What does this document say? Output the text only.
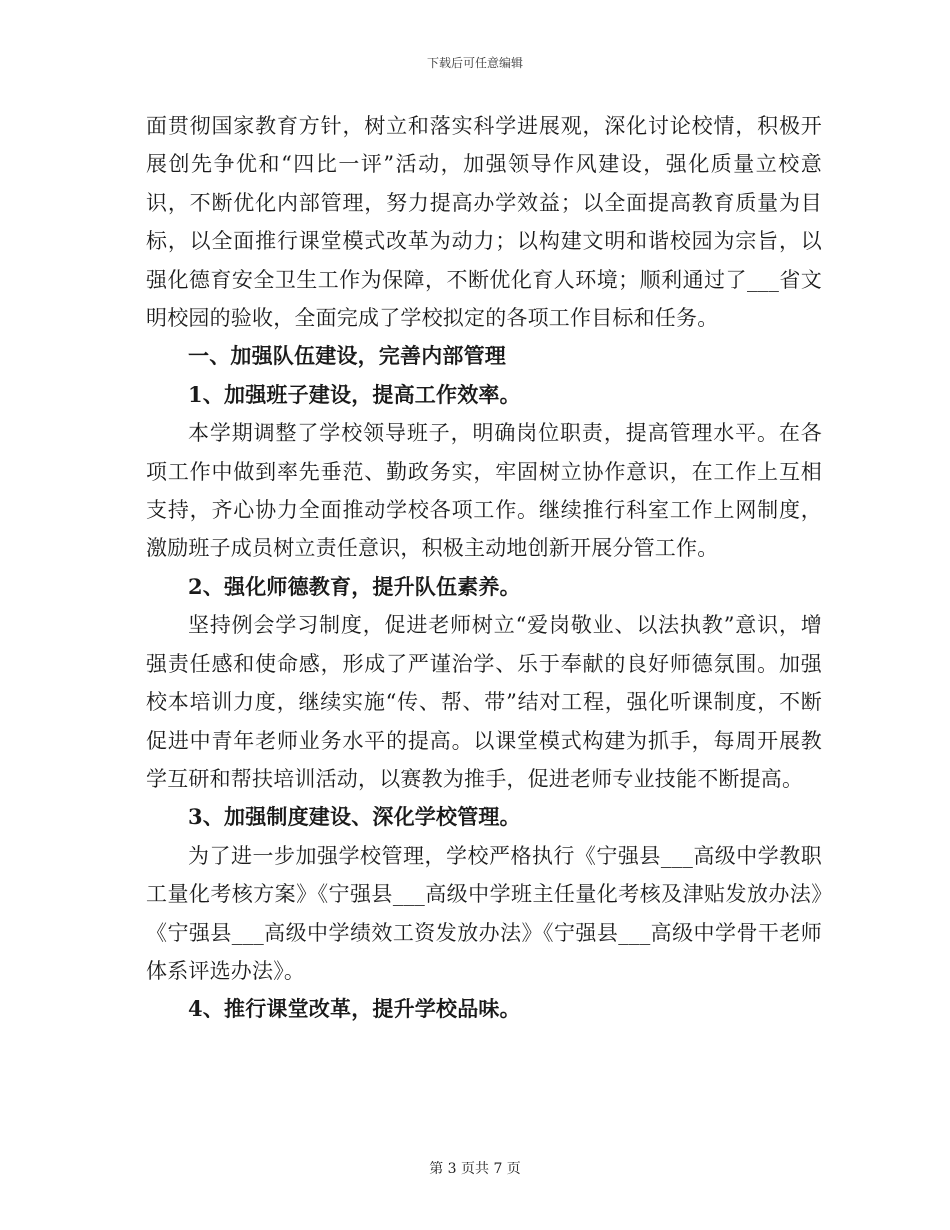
下载后可任意编辑

面贯彻国家教育方针，树立和落实科学进展观，深化讨论校情，积极开展创先争优和“四比一评”活动，加强领导作风建设，强化质量立校意识，不断优化内部管理，努力提高办学效益；以全面提高教育质量为目标，以全面推行课堂模式改革为动力；以构建文明和谐校园为宗旨，以强化德育安全卫生工作为保障，不断优化育人环境；顺利通过了___省文明校园的验收，全面完成了学校拟定的各项工作目标和任务。

一、加强队伍建设，完善内部管理

1、加强班子建设，提高工作效率。

本学期调整了学校领导班子，明确岗位职责，提高管理水平。在各项工作中做到率先垂范、勤政务实，牢固树立协作意识，在工作上互相支持，齐心协力全面推动学校各项工作。继续推行科室工作上网制度，激励班子成员树立责任意识，积极主动地创新开展分管工作。

2、强化师德教育，提升队伍素养。

坚持例会学习制度，促进老师树立“爱岗敬业、以法执教”意识，增强责任感和使命感，形成了严谨治学、乐于奉献的良好师德氛围。加强校本培训力度，继续实施“传、帮、带”结对工程，强化听课制度，不断促进中青年老师业务水平的提高。以课堂模式构建为抓手，每周开展教学互研和帮扶培训活动，以赛教为推手，促进老师专业技能不断提高。

3、加强制度建设、深化学校管理。

为了进一步加强学校管理，学校严格执行《宁强县___高级中学教职工量化考核方案》《宁强县___高级中学班主任量化考核及津贴发放办法》《宁强县___高级中学绩效工资发放办法》《宁强县___高级中学骨干老师体系评选办法》。

4、推行课堂改革，提升学校品味。

第 3 页共 7 页
